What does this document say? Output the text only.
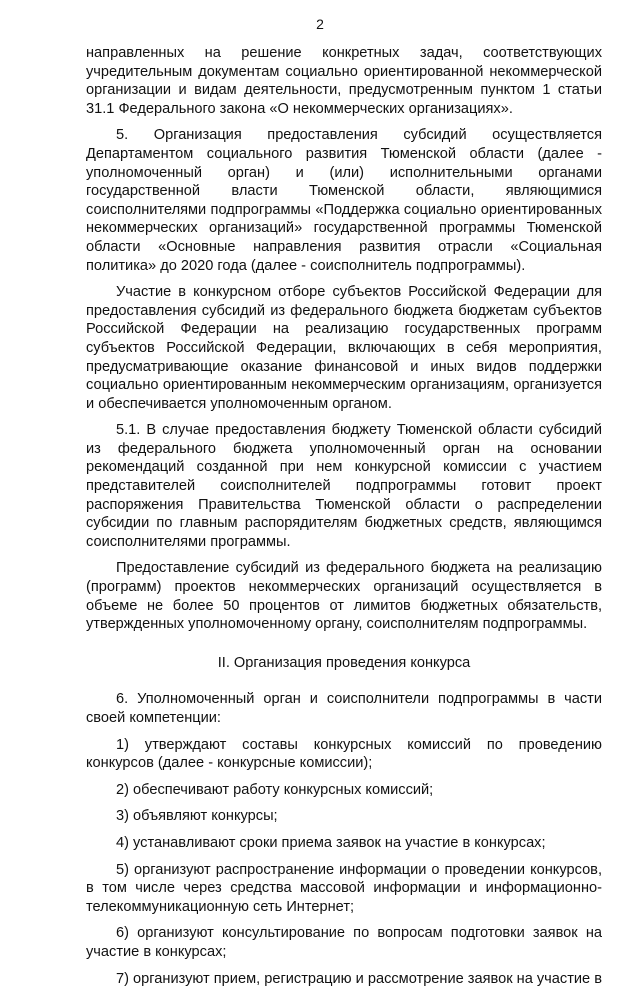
2

направленных на решение конкретных задач, соответствующих учредительным документам социально ориентированной некоммерческой организации и видам деятельности, предусмотренным пунктом 1 статьи 31.1 Федерального закона «О некоммерческих организациях».

5. Организация предоставления субсидий осуществляется Департаментом социального развития Тюменской области (далее - уполномоченный орган) и (или) исполнительными органами государственной власти Тюменской области, являющимися соисполнителями подпрограммы «Поддержка социально ориентированных некоммерческих организаций» государственной программы Тюменской области «Основные направления развития отрасли «Социальная политика» до 2020 года (далее - соисполнитель подпрограммы).

Участие в конкурсном отборе субъектов Российской Федерации для предоставления субсидий из федерального бюджета бюджетам субъектов Российской Федерации на реализацию государственных программ субъектов Российской Федерации, включающих в себя мероприятия, предусматривающие оказание финансовой и иных видов поддержки социально ориентированным некоммерческим организациям, организуется и обеспечивается уполномоченным органом.

5.1. В случае предоставления бюджету Тюменской области субсидий из федерального бюджета уполномоченный орган на основании рекомендаций созданной при нем конкурсной комиссии с участием представителей соисполнителей подпрограммы готовит проект распоряжения Правительства Тюменской области о распределении субсидии по главным распорядителям бюджетных средств, являющимся соисполнителями программы.

Предоставление субсидий из федерального бюджета на реализацию (программ) проектов некоммерческих организаций осуществляется в объеме не более 50 процентов от лимитов бюджетных обязательств, утвержденных уполномоченному органу, соисполнителям подпрограммы.

II. Организация проведения конкурса

6. Уполномоченный орган и соисполнители подпрограммы в части своей компетенции:

1) утверждают составы конкурсных комиссий по проведению конкурсов (далее - конкурсные комиссии);

2) обеспечивают работу конкурсных комиссий;

3) объявляют конкурсы;

4) устанавливают сроки приема заявок на участие в конкурсах;

5) организуют распространение информации о проведении конкурсов, в том числе через средства массовой информации и информационно-телекоммуникационную сеть Интернет;

6) организуют консультирование по вопросам подготовки заявок на участие в конкурсах;

7) организуют прием, регистрацию и рассмотрение заявок на участие в
